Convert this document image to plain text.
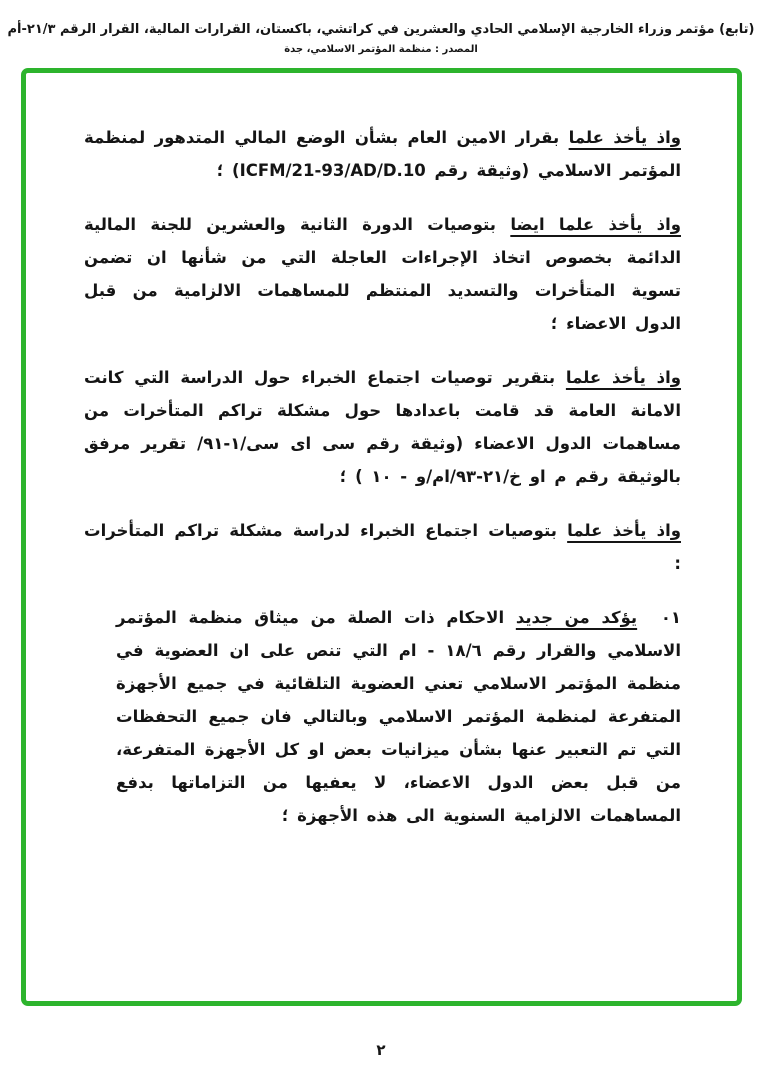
(تابع) مؤتمر وزراء الخارجية الإسلامي الحادي والعشرين في كراتشي، باكستان، القرارات المالية، القرار الرقم ٢١/٣-أم
المصدر : منظمة المؤتمر الاسلامي، جدة

واذ يأخذ علما بقرار الامين العام بشأن الوضع المالي المتدهور لمنظمة المؤتمر الاسلامي (وثيقة رقم ICFM/21-93/AD/D.10) ؛

واذ يأخذ علما ايضا بتوصيات الدورة الثانية والعشرين للجنة المالية الدائمة بخصوص اتخاذ الإجراءات العاجلة التي من شأنها ان تضمن تسوية المتأخرات والتسديد المنتظم للمساهمات الالزامية من قبل الدول الاعضاء ؛

واذ يأخذ علما بتقرير توصيات اجتماع الخبراء حول الدراسة التي كانت الامانة العامة قد قامت باعدادها حول مشكلة تراكم المتأخرات من مساهمات الدول الاعضاء (وثيقة رقم سى اى سى/١-٩١/ تقرير مرفق بالوثيقة رقم م او خ/٢١-٩٣/ام/و - ١٠ ) ؛

واذ يأخذ علما بتوصيات اجتماع الخبراء لدراسة مشكلة تراكم المتأخرات :

٠١ يؤكد من جديد الاحكام ذات الصلة من ميثاق منظمة المؤتمر الاسلامي والقرار رقم ١٨/٦ - ام التي تنص على ان العضوية في منظمة المؤتمر الاسلامي تعني العضوية التلقائية في جميع الأجهزة المتفرعة لمنظمة المؤتمر الاسلامي وبالتالي فان جميع التحفظات التي تم التعبير عنها بشأن ميزانيات بعض او كل الأجهزة المتفرعة، من قبل بعض الدول الاعضاء، لا يعفيها من التزاماتها بدفع المساهمات الالزامية السنوية الى هذه الأجهزة ؛
٢
